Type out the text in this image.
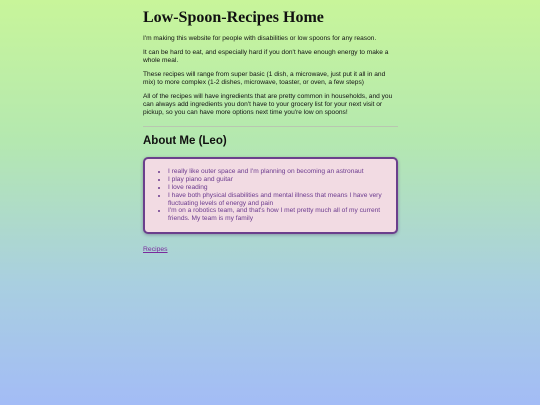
Low-Spoon-Recipes Home

I'm making this website for people with disabilities or low spoons for any reason.

It can be hard to eat, and especially hard if you don't have enough energy to make a whole meal.

These recipes will range from super basic (1 dish, a microwave, just put it all in and mix) to more complex (1-2 dishes, microwave, toaster, or oven, a few steps)

All of the recipes will have ingredients that are pretty common in households, and you can always add ingredients you don't have to your grocery list for your next visit or pickup, so you can have more options next time you're low on spoons!

About Me (Leo)
• I really like outer space and I'm planning on becoming an astronaut
• I play piano and guitar
• I love reading
• I have both physical disabilities and mental illness that means I have very fluctuating levels of energy and pain
• I'm on a robotics team, and that's how I met pretty much all of my current friends. My team is my family
Recipes
